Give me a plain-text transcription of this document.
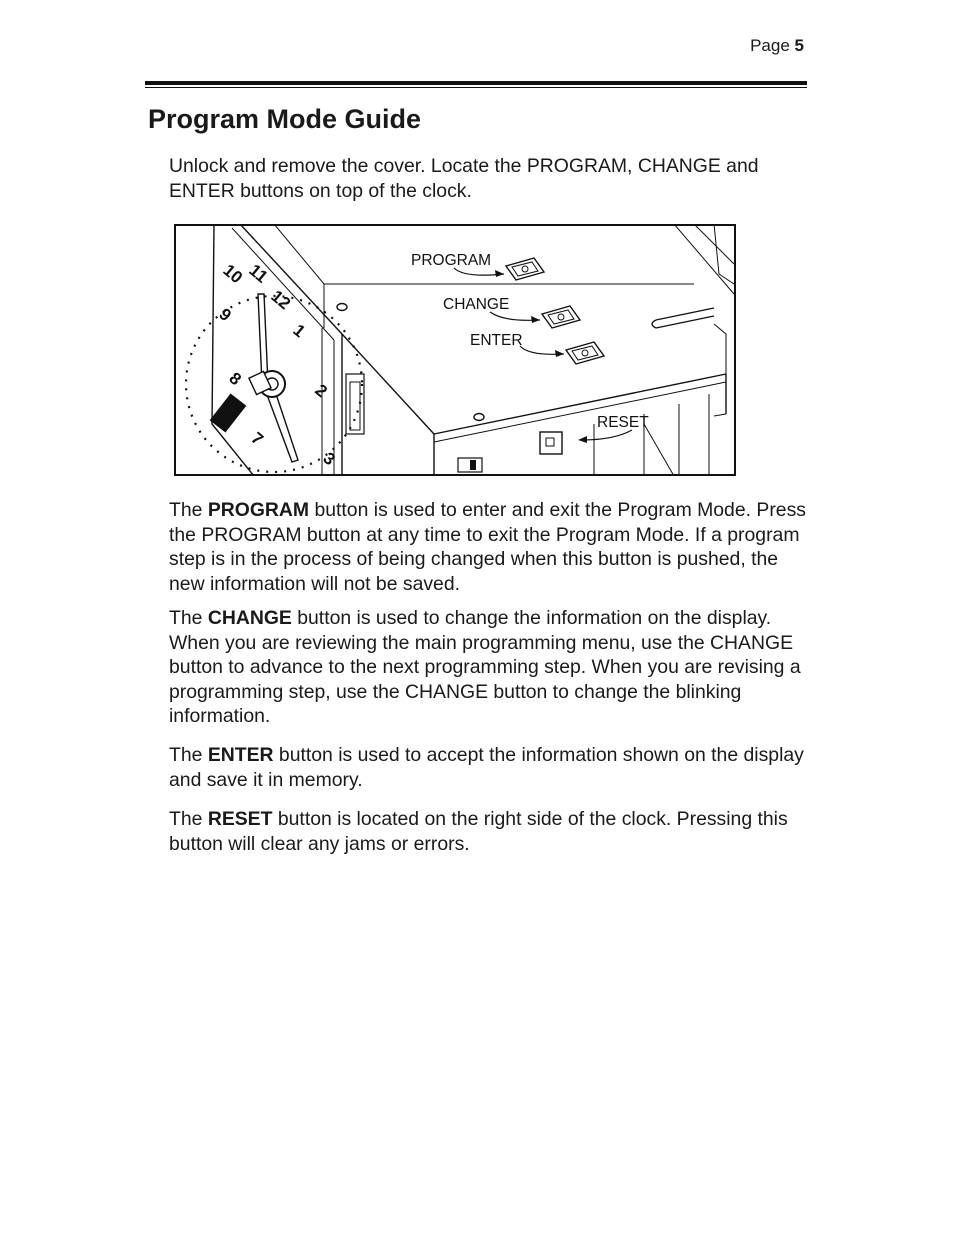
Page 5
Program Mode Guide

Unlock and remove the cover. Locate the PROGRAM, CHANGE and ENTER buttons on top of the clock.

10 11
12
1
2
3
9
8
7
PROGRAM
CHANGE
ENTER
RESET

The PROGRAM button is used to enter and exit the Program Mode. Press the PROGRAM button at any time to exit the Program Mode. If a program step is in the process of being changed when this button is pushed, the new information will not be saved.

The CHANGE button is used to change the information on the display. When you are reviewing the main programming menu, use the CHANGE button to advance to the next programming step. When you are revising a programming step, use the CHANGE button to change the blinking information.

The ENTER button is used to accept the information shown on the display and save it in memory.

The RESET button is located on the right side of the clock. Pressing this button will clear any jams or errors.
